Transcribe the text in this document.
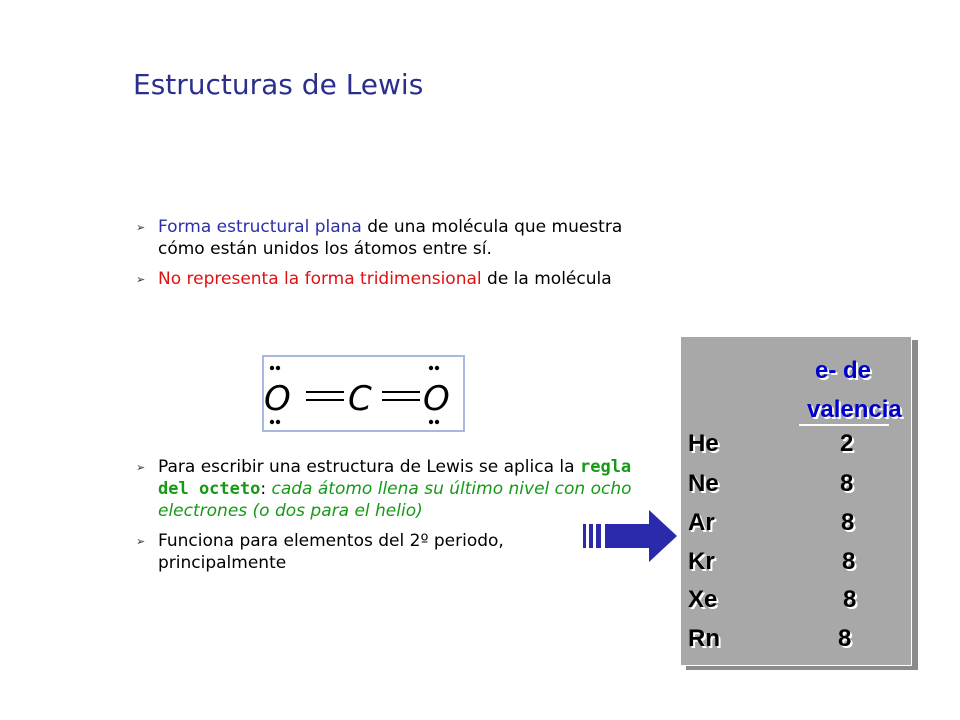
Estructuras de Lewis
➢ Forma estructural plana de una molécula que muestra cómo están unidos los átomos entre sí.
➢ No representa la forma tridimensional de la molécula
O C O
➢ Para escribir una estructura de Lewis se aplica la regla del octeto: cada átomo llena su último nivel con ocho electrones (o dos para el helio)
➢ Funciona para elementos del 2º periodo, principalmente
e- de
valencia
He	2
Ne	8
Ar	8
Kr	8
Xe	8
Rn	8
